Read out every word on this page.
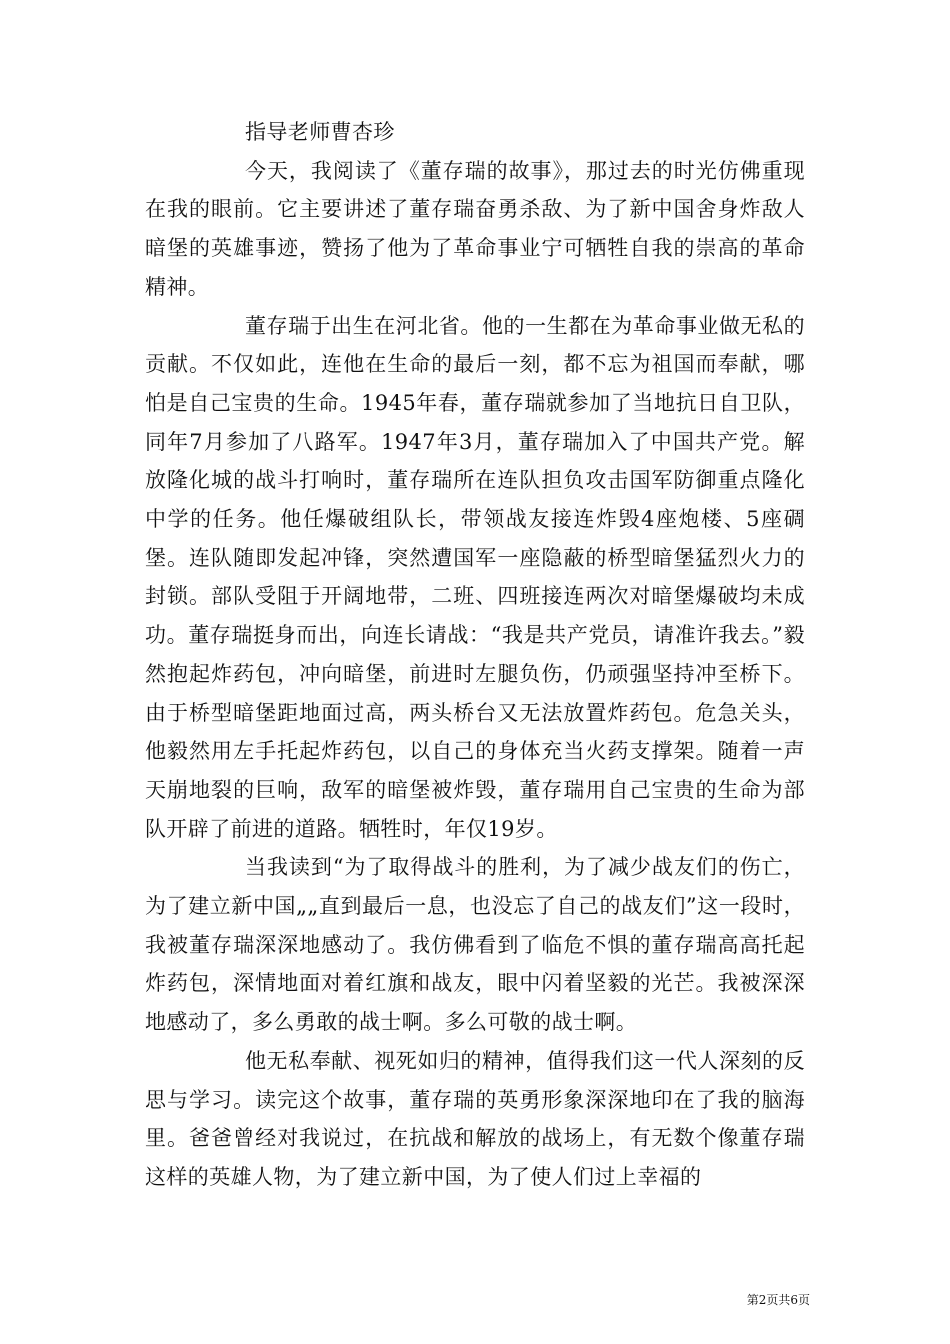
指导老师曹杏珍

今天，我阅读了《董存瑞的故事》，那过去的时光仿佛重现在我的眼前。它主要讲述了董存瑞奋勇杀敌、为了新中国舍身炸敌人暗堡的英雄事迹，赞扬了他为了革命事业宁可牺牲自我的崇高的革命精神。

董存瑞于出生在河北省。他的一生都在为革命事业做无私的贡献。不仅如此，连他在生命的最后一刻，都不忘为祖国而奉献，哪怕是自己宝贵的生命。1945年春，董存瑞就参加了当地抗日自卫队，同年7月参加了八路军。1947年3月，董存瑞加入了中国共产党。解放隆化城的战斗打响时，董存瑞所在连队担负攻击国军防御重点隆化中学的任务。他任爆破组队长，带领战友接连炸毁4座炮楼、5座碉堡。连队随即发起冲锋，突然遭国军一座隐蔽的桥型暗堡猛烈火力的封锁。部队受阻于开阔地带，二班、四班接连两次对暗堡爆破均未成功。董存瑞挺身而出，向连长请战：“我是共产党员，请准许我去。”毅然抱起炸药包，冲向暗堡，前进时左腿负伤，仍顽强坚持冲至桥下。由于桥型暗堡距地面过高，两头桥台又无法放置炸药包。危急关头，他毅然用左手托起炸药包，以自己的身体充当火药支撑架。随着一声天崩地裂的巨响，敌军的暗堡被炸毁，董存瑞用自己宝贵的生命为部队开辟了前进的道路。牺牲时，年仅19岁。

当我读到“为了取得战斗的胜利，为了减少战友们的伤亡，为了建立新中国„„直到最后一息，也没忘了自己的战友们”这一段时，我被董存瑞深深地感动了。我仿佛看到了临危不惧的董存瑞高高托起炸药包，深情地面对着红旗和战友，眼中闪着坚毅的光芒。我被深深地感动了，多么勇敢的战士啊。多么可敬的战士啊。

他无私奉献、视死如归的精神，值得我们这一代人深刻的反思与学习。读完这个故事，董存瑞的英勇形象深深地印在了我的脑海里。爸爸曾经对我说过，在抗战和解放的战场上，有无数个像董存瑞这样的英雄人物，为了建立新中国，为了使人们过上幸福的

第2页共6页
